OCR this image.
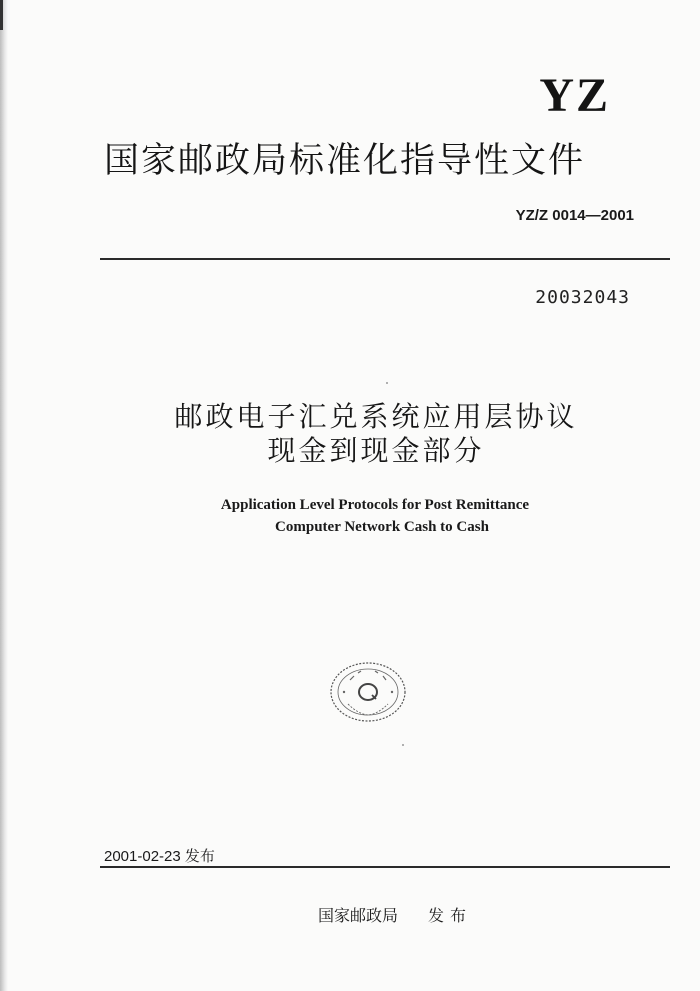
YZ
国家邮政局标准化指导性文件
YZ/Z 0014—2001
20032043
邮政电子汇兑系统应用层协议
现金到现金部分
Application Level Protocols for Post Remittance
Computer Network Cash to Cash
2001-02-23 发布
国家邮政局 发布
